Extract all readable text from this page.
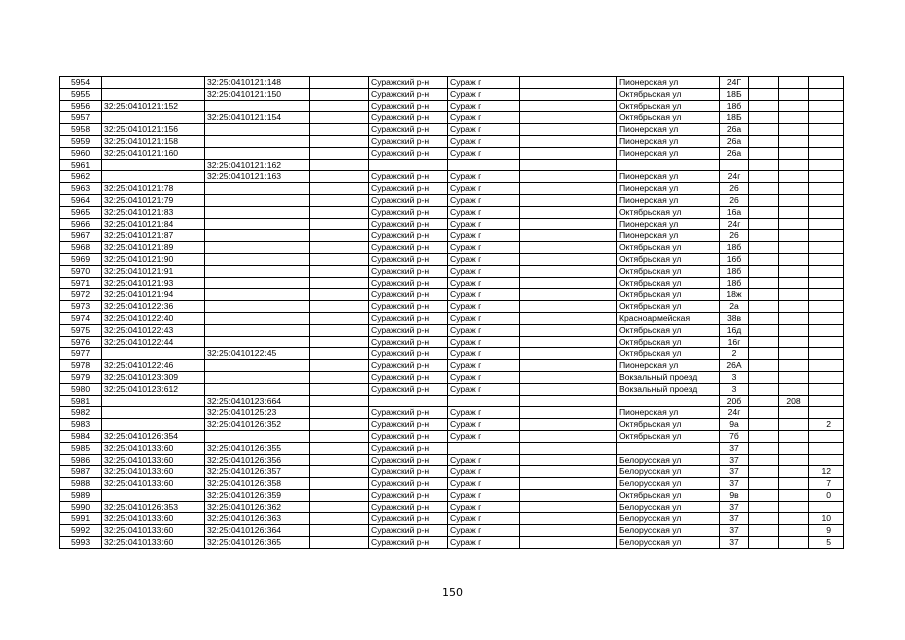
5954		32:25:0410121:148		Суражский р-н	Сураж г		Пионерская ул	24Г			
5955		32:25:0410121:150		Суражский р-н	Сураж г		Октябрьская ул	18Б			
5956	32:25:0410121:152			Суражский р-н	Сураж г		Октябрьская ул	18б			
5957		32:25:0410121:154		Суражский р-н	Сураж г		Октябрьская ул	18Б			
5958	32:25:0410121:156			Суражский р-н	Сураж г		Пионерская ул	26а			
5959	32:25:0410121:158			Суражский р-н	Сураж г		Пионерская ул	26а			
5960	32:25:0410121:160			Суражский р-н	Сураж г		Пионерская ул	26а			
5961		32:25:0410121:162									
5962		32:25:0410121:163		Суражский р-н	Сураж г		Пионерская ул	24г			
5963	32:25:0410121:78			Суражский р-н	Сураж г		Пионерская ул	26			
5964	32:25:0410121:79			Суражский р-н	Сураж г		Пионерская ул	26			
5965	32:25:0410121:83			Суражский р-н	Сураж г		Октябрьская ул	16а			
5966	32:25:0410121:84			Суражский р-н	Сураж г		Пионерская ул	24г			
5967	32:25:0410121:87			Суражский р-н	Сураж г		Пионерская ул	26			
5968	32:25:0410121:89			Суражский р-н	Сураж г		Октябрьская ул	18б			
5969	32:25:0410121:90			Суражский р-н	Сураж г		Октябрьская ул	16б			
5970	32:25:0410121:91			Суражский р-н	Сураж г		Октябрьская ул	18б			
5971	32:25:0410121:93			Суражский р-н	Сураж г		Октябрьская ул	18б			
5972	32:25:0410121:94			Суражский р-н	Сураж г		Октябрьская ул	18ж			
5973	32:25:0410122:36			Суражский р-н	Сураж г		Октябрьская ул	2а			
5974	32:25:0410122:40			Суражский р-н	Сураж г		Красноармейская	38в			
5975	32:25:0410122:43			Суражский р-н	Сураж г		Октябрьская ул	16д			
5976	32:25:0410122:44			Суражский р-н	Сураж г		Октябрьская ул	16г			
5977		32:25:0410122:45		Суражский р-н	Сураж г		Октябрьская ул	2			
5978	32:25:0410122:46			Суражский р-н	Сураж г		Пионерская ул	26А			
5979	32:25:0410123:309			Суражский р-н	Сураж г		Вокзальный проезд	3			
5980	32:25:0410123:612			Суражский р-н	Сураж г		Вокзальный проезд	3			
5981		32:25:0410123:664						20б		208	
5982		32:25:0410125:23		Суражский р-н	Сураж г		Пионерская ул	24г			
5983		32:25:0410126:352		Суражский р-н	Сураж г		Октябрьская ул	9а			2
5984	32:25:0410126:354			Суражский р-н	Сураж г		Октябрьская ул	7б			
5985	32:25:0410133:60	32:25:0410126:355		Суражский р-н				37			
5986	32:25:0410133:60	32:25:0410126:356		Суражский р-н	Сураж г		Белорусская ул	37			
5987	32:25:0410133:60	32:25:0410126:357		Суражский р-н	Сураж г		Белорусская ул	37			12
5988	32:25:0410133:60	32:25:0410126:358		Суражский р-н	Сураж г		Белорусская ул	37			7
5989		32:25:0410126:359		Суражский р-н	Сураж г		Октябрьская ул	9в			0
5990	32:25:0410126:353	32:25:0410126:362		Суражский р-н	Сураж г		Белорусская ул	37			
5991	32:25:0410133:60	32:25:0410126:363		Суражский р-н	Сураж г		Белорусская ул	37			10
5992	32:25:0410133:60	32:25:0410126:364		Суражский р-н	Сураж г		Белорусская ул	37			9
5993	32:25:0410133:60	32:25:0410126:365		Суражский р-н	Сураж г		Белорусская ул	37			5
150
